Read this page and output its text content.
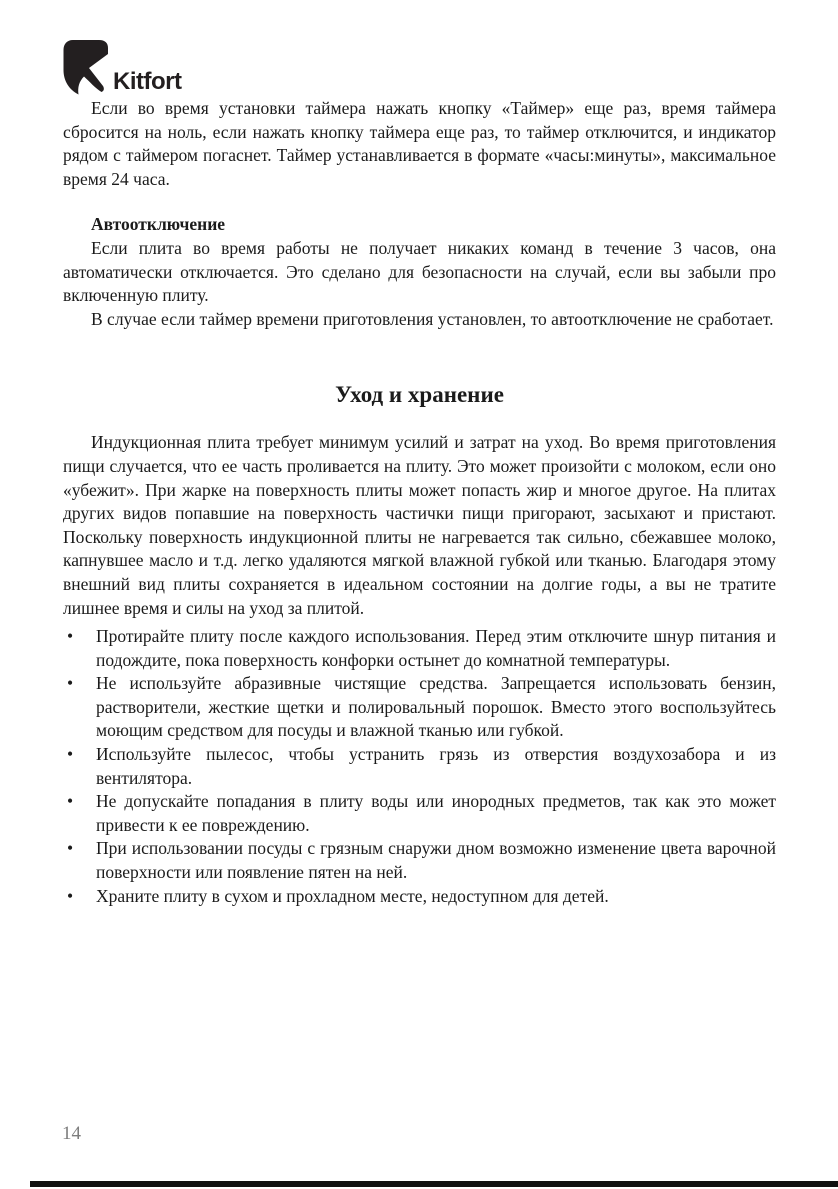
Kitfort

Если во время установки таймера нажать кнопку «Таймер» еще раз, время таймера сбросится на ноль, если нажать кнопку таймера еще раз, то таймер отключится, и индикатор рядом с таймером погаснет. Таймер устанавливается в формате «часы:минуты», максимальное время 24 часа.

Автоотключение

Если плита во время работы не получает никаких команд в течение 3 часов, она автоматически отключается. Это сделано для безопасности на случай, если вы забыли про включенную плиту.

В случае если таймер времени приготовления установлен, то автоотключение не сработает.

Уход и хранение

Индукционная плита требует минимум усилий и затрат на уход. Во время приготовления пищи случается, что ее часть проливается на плиту. Это может произойти с молоком, если оно «убежит». При жарке на поверхность плиты может попасть жир и многое другое. На плитах других видов попавшие на поверхность частички пищи пригорают, засыхают и пристают. Поскольку поверхность индукционной плиты не нагревается так сильно, сбежавшее молоко, капнувшее масло и т.д. легко удаляются мягкой влажной губкой или тканью. Благодаря этому внешний вид плиты сохраняется в идеальном состоянии на долгие годы, а вы не тратите лишнее время и силы на уход за плитой.

• Протирайте плиту после каждого использования. Перед этим отключите шнур питания и подождите, пока поверхность конфорки остынет до комнатной температуры.
• Не используйте абразивные чистящие средства. Запрещается использовать бензин, растворители, жесткие щетки и полировальный порошок. Вместо этого воспользуйтесь моющим средством для посуды и влажной тканью или губкой.
• Используйте пылесос, чтобы устранить грязь из отверстия воздухозабора и из вентилятора.
• Не допускайте попадания в плиту воды или инородных предметов, так как это может привести к ее повреждению.
• При использовании посуды с грязным снаружи дном возможно изменение цвета варочной поверхности или появление пятен на ней.
• Храните плиту в сухом и прохладном месте, недоступном для детей.
14
